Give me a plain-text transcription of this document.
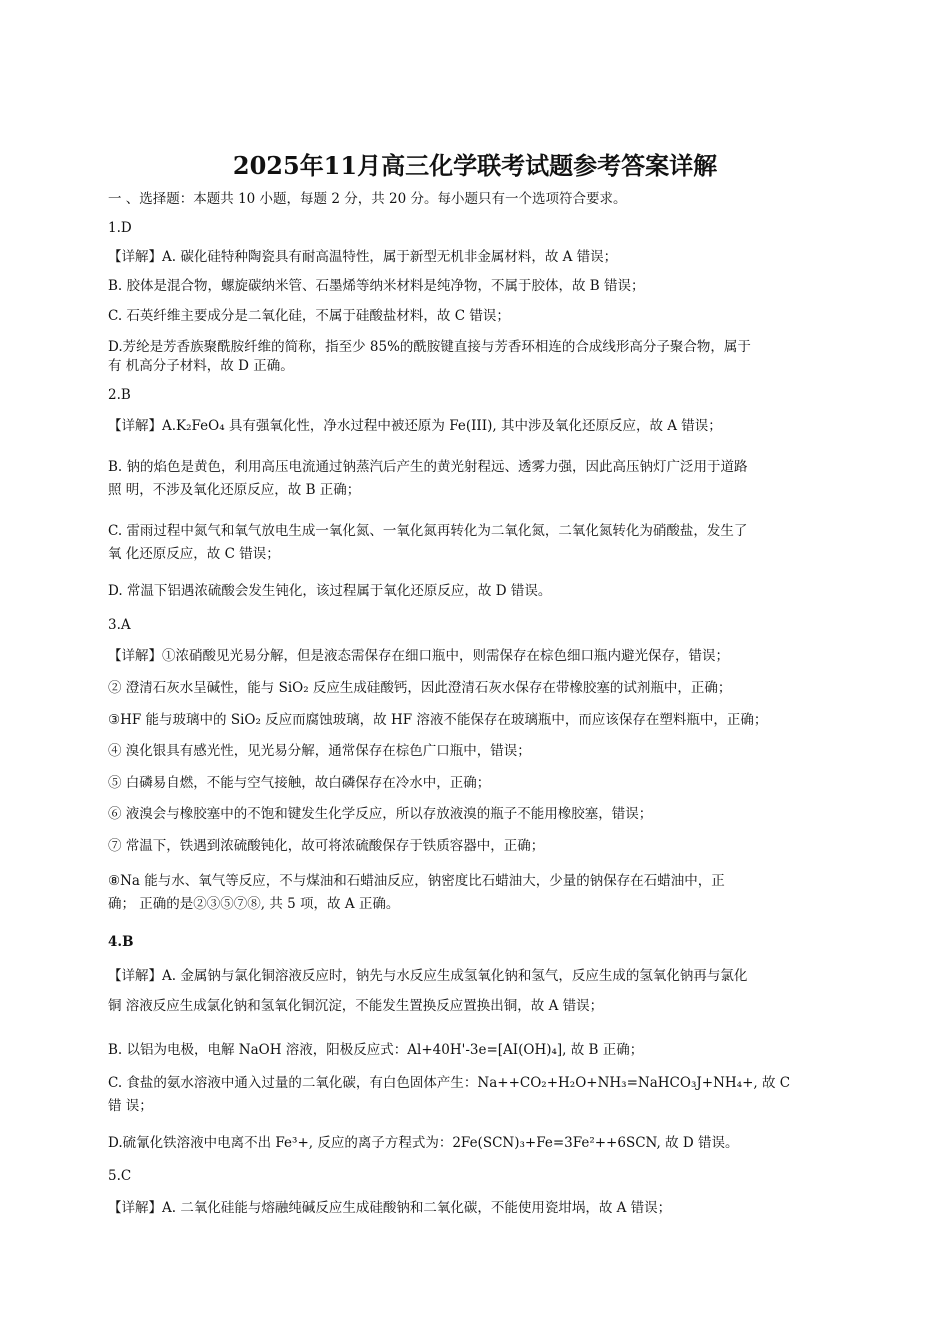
2025年11月高三化学联考试题参考答案详解
一 、选择题：本题共 10 小题，每题 2 分，共 20 分。每小题只有一个选项符合要求。
1.D
【详解】A. 碳化硅特种陶瓷具有耐高温特性，属于新型无机非金属材料，故 A 错误；
B. 胶体是混合物，螺旋碳纳米管、石墨烯等纳米材料是纯净物，不属于胶体，故 B 错误；
C. 石英纤维主要成分是二氧化硅，不属于硅酸盐材料，故 C 错误；
D.芳纶是芳香族聚酰胺纤维的简称，指至少 85%的酰胺键直接与芳香环相连的合成线形高分子聚合物，属于
有 机高分子材料，故 D 正确。
2.B
【详解】A.K₂FeO₄ 具有强氧化性，净水过程中被还原为 Fe(III), 其中涉及氧化还原反应，故 A 错误；
B. 钠的焰色是黄色，利用高压电流通过钠蒸汽后产生的黄光射程远、透雾力强，因此高压钠灯广泛用于道路
照 明，不涉及氧化还原反应，故 B 正确；
C. 雷雨过程中氮气和氧气放电生成一氧化氮、一氧化氮再转化为二氧化氮，二氧化氮转化为硝酸盐，发生了
氧 化还原反应，故 C 错误；
D. 常温下铝遇浓硫酸会发生钝化，该过程属于氧化还原反应，故 D 错误。
3.A
【详解】①浓硝酸见光易分解，但是液态需保存在细口瓶中，则需保存在棕色细口瓶内避光保存，错误；
② 澄清石灰水呈碱性，能与 SiO₂ 反应生成硅酸钙，因此澄清石灰水保存在带橡胶塞的试剂瓶中，正确；
③HF 能与玻璃中的 SiO₂ 反应而腐蚀玻璃，故 HF 溶液不能保存在玻璃瓶中，而应该保存在塑料瓶中，正确；
④ 溴化银具有感光性，见光易分解，通常保存在棕色广口瓶中，错误；
⑤ 白磷易自燃，不能与空气接触，故白磷保存在冷水中，正确；
⑥ 液溴会与橡胶塞中的不饱和键发生化学反应，所以存放液溴的瓶子不能用橡胶塞，错误；
⑦ 常温下，铁遇到浓硫酸钝化，故可将浓硫酸保存于铁质容器中，正确；
⑧Na 能与水、氧气等反应，不与煤油和石蜡油反应，钠密度比石蜡油大，少量的钠保存在石蜡油中，正
确； 正确的是②③⑤⑦⑧, 共 5 项，故 A 正确。
4.B
【详解】A. 金属钠与氯化铜溶液反应时，钠先与水反应生成氢氧化钠和氢气，反应生成的氢氧化钠再与氯化
铜 溶液反应生成氯化钠和氢氧化铜沉淀，不能发生置换反应置换出铜，故 A 错误；
B. 以铝为电极，电解 NaOH 溶液，阳极反应式：Al+40H'-3e=[AI(OH)₄], 故 B 正确；
C. 食盐的氨水溶液中通入过量的二氧化碳，有白色固体产生：Na++CO₂+H₂O+NH₃=NaHCO₃J+NH₄+, 故 C
错 误；
D.硫氰化铁溶液中电离不出 Fe³+, 反应的离子方程式为：2Fe(SCN)₃+Fe=3Fe²++6SCN, 故 D 错误。
5.C
【详解】A. 二氧化硅能与熔融纯碱反应生成硅酸钠和二氧化碳，不能使用瓷坩埚，故 A 错误；
